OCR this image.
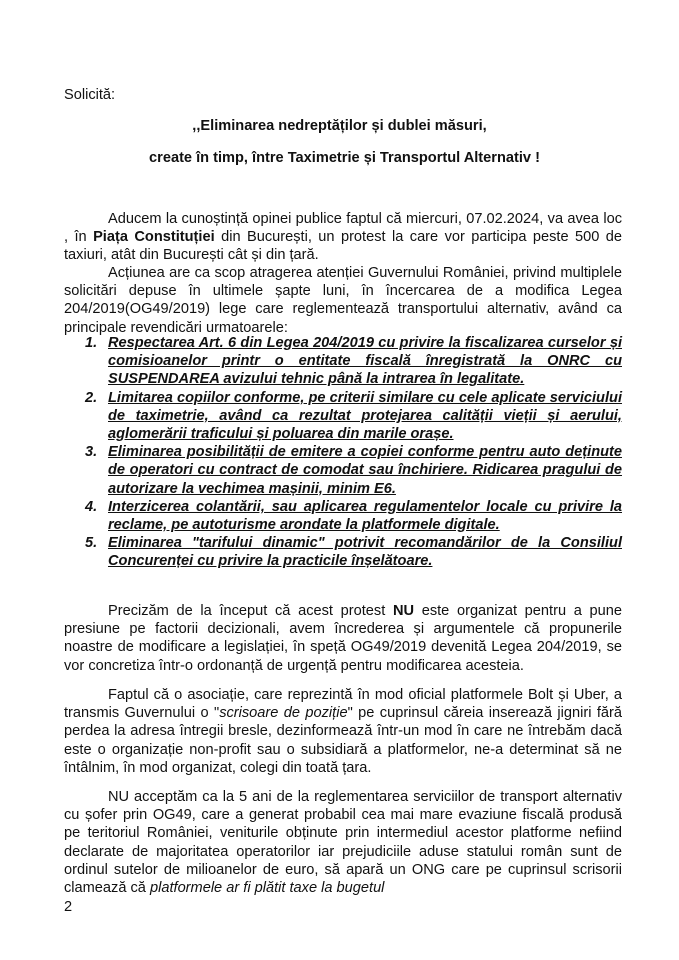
Solicită:

,,Eliminarea nedreptăților și dublei măsuri,

create în timp, între Taximetrie și Transportul Alternativ !

Aducem la cunoștință opinei publice faptul că miercuri, 07.02.2024, va avea loc , în Piața Constituției din București, un protest la care vor participa peste 500 de taxiuri, atât din București cât și din țară.

Acțiunea are ca scop atragerea atenției Guvernului României, privind multiplele solicitări depuse în ultimele șapte luni, în încercarea de a modifica Legea 204/2019(OG49/2019) lege care reglementează transportului alternativ, având ca principale revendicări urmatoarele:

1. Respectarea Art. 6 din Legea 204/2019 cu privire la fiscalizarea curselor și comisioanelor printr o entitate fiscală înregistrată la ONRC cu SUSPENDAREA avizului tehnic până la intrarea în legalitate.
2. Limitarea copiilor conforme, pe criterii similare cu cele aplicate serviciului de taximetrie, având ca rezultat protejarea calității vieții și aerului, aglomerării traficului și poluarea din marile orașe.
3. Eliminarea posibilității de emitere a copiei conforme pentru auto deținute de operatori cu contract de comodat sau închiriere. Ridicarea pragului de autorizare la vechimea mașinii, minim E6.
4. Interzicerea colantării, sau aplicarea regulamentelor locale cu privire la reclame, pe autoturisme arondate la platformele digitale.
5. Eliminarea "tarifului dinamic" potrivit recomandărilor de la Consiliul Concurenței cu privire la practicile înșelătoare.

Precizăm de la început că acest protest NU este organizat pentru a pune presiune pe factorii decizionali, avem încrederea și argumentele că propunerile noastre de modificare a legislației, în speță OG49/2019 devenită Legea 204/2019, se vor concretiza într-o ordonanță de urgență pentru modificarea acesteia.

Faptul că o asociație, care reprezintă în mod oficial platformele Bolt și Uber, a transmis Guvernului o "scrisoare de poziție" pe cuprinsul căreia inserează jigniri fără perdea la adresa întregii bresle, dezinformează într-un mod în care ne întrebăm dacă este o organizație non-profit sau o subsidiară a platformelor, ne-a determinat să ne întâlnim, în mod organizat, colegi din toată țara.

NU acceptăm ca la 5 ani de la reglementarea serviciilor de transport alternativ cu șofer prin OG49, care a generat probabil cea mai mare evaziune fiscală produsă pe teritoriul României, veniturile obținute prin intermediul acestor platforme nefiind declarate de majoritatea operatorilor iar prejudiciile aduse statului român sunt de ordinul sutelor de milioanelor de euro, să apară un ONG care pe cuprinsul scrisorii clamează că platformele ar fi plătit taxe la bugetul

2
